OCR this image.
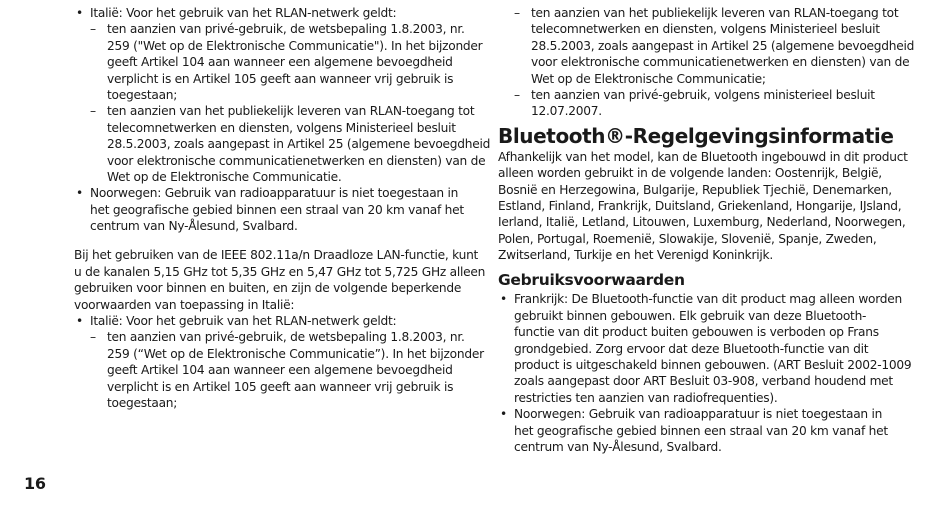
• Italië: Voor het gebruik van het RLAN-netwerk geldt:
– ten aanzien van privé-gebruik, de wetsbepaling 1.8.2003, nr.
259 ("Wet op de Elektronische Communicatie"). In het bijzonder
geeft Artikel 104 aan wanneer een algemene bevoegdheid
verplicht is en Artikel 105 geeft aan wanneer vrij gebruik is
toegestaan;
– ten aanzien van het publiekelijk leveren van RLAN-toegang tot
telecomnetwerken en diensten, volgens Ministerieel besluit
28.5.2003, zoals aangepast in Artikel 25 (algemene bevoegdheid
voor elektronische communicatienetwerken en diensten) van de
Wet op de Elektronische Communicatie.
• Noorwegen: Gebruik van radioapparatuur is niet toegestaan in
het geografische gebied binnen een straal van 20 km vanaf het
centrum van Ny-Ålesund, Svalbard.
Bij het gebruiken van de IEEE 802.11a/n Draadloze LAN-functie, kunt
u de kanalen 5,15 GHz tot 5,35 GHz en 5,47 GHz tot 5,725 GHz alleen
gebruiken voor binnen en buiten, en zijn de volgende beperkende
voorwaarden van toepassing in Italië:
• Italië: Voor het gebruik van het RLAN-netwerk geldt:
– ten aanzien van privé-gebruik, de wetsbepaling 1.8.2003, nr.
259 (“Wet op de Elektronische Communicatie”). In het bijzonder
geeft Artikel 104 aan wanneer een algemene bevoegdheid
verplicht is en Artikel 105 geeft aan wanneer vrij gebruik is
toegestaan;
– ten aanzien van het publiekelijk leveren van RLAN-toegang tot
telecomnetwerken en diensten, volgens Ministerieel besluit
28.5.2003, zoals aangepast in Artikel 25 (algemene bevoegdheid
voor elektronische communicatienetwerken en diensten) van de
Wet op de Elektronische Communicatie;
– ten aanzien van privé-gebruik, volgens ministerieel besluit
12.07.2007.
Bluetooth®-Regelgevingsinformatie
Afhankelijk van het model, kan de Bluetooth ingebouwd in dit product
alleen worden gebruikt in de volgende landen: Oostenrijk, België,
Bosnië en Herzegowina, Bulgarije, Republiek Tjechië, Denemarken,
Estland, Finland, Frankrijk, Duitsland, Griekenland, Hongarije, IJsland,
Ierland, Italië, Letland, Litouwen, Luxemburg, Nederland, Noorwegen,
Polen, Portugal, Roemenië, Slowakije, Slovenië, Spanje, Zweden,
Zwitserland, Turkije en het Verenigd Koninkrijk.
Gebruiksvoorwaarden
• Frankrijk: De Bluetooth-functie van dit product mag alleen worden
gebruikt binnen gebouwen. Elk gebruik van deze Bluetooth-
functie van dit product buiten gebouwen is verboden op Frans
grondgebied. Zorg ervoor dat deze Bluetooth-functie van dit
product is uitgeschakeld binnen gebouwen. (ART Besluit 2002-1009
zoals aangepast door ART Besluit 03-908, verband houdend met
restricties ten aanzien van radiofrequenties).
• Noorwegen: Gebruik van radioapparatuur is niet toegestaan in
het geografische gebied binnen een straal van 20 km vanaf het
centrum van Ny-Ålesund, Svalbard.
16
